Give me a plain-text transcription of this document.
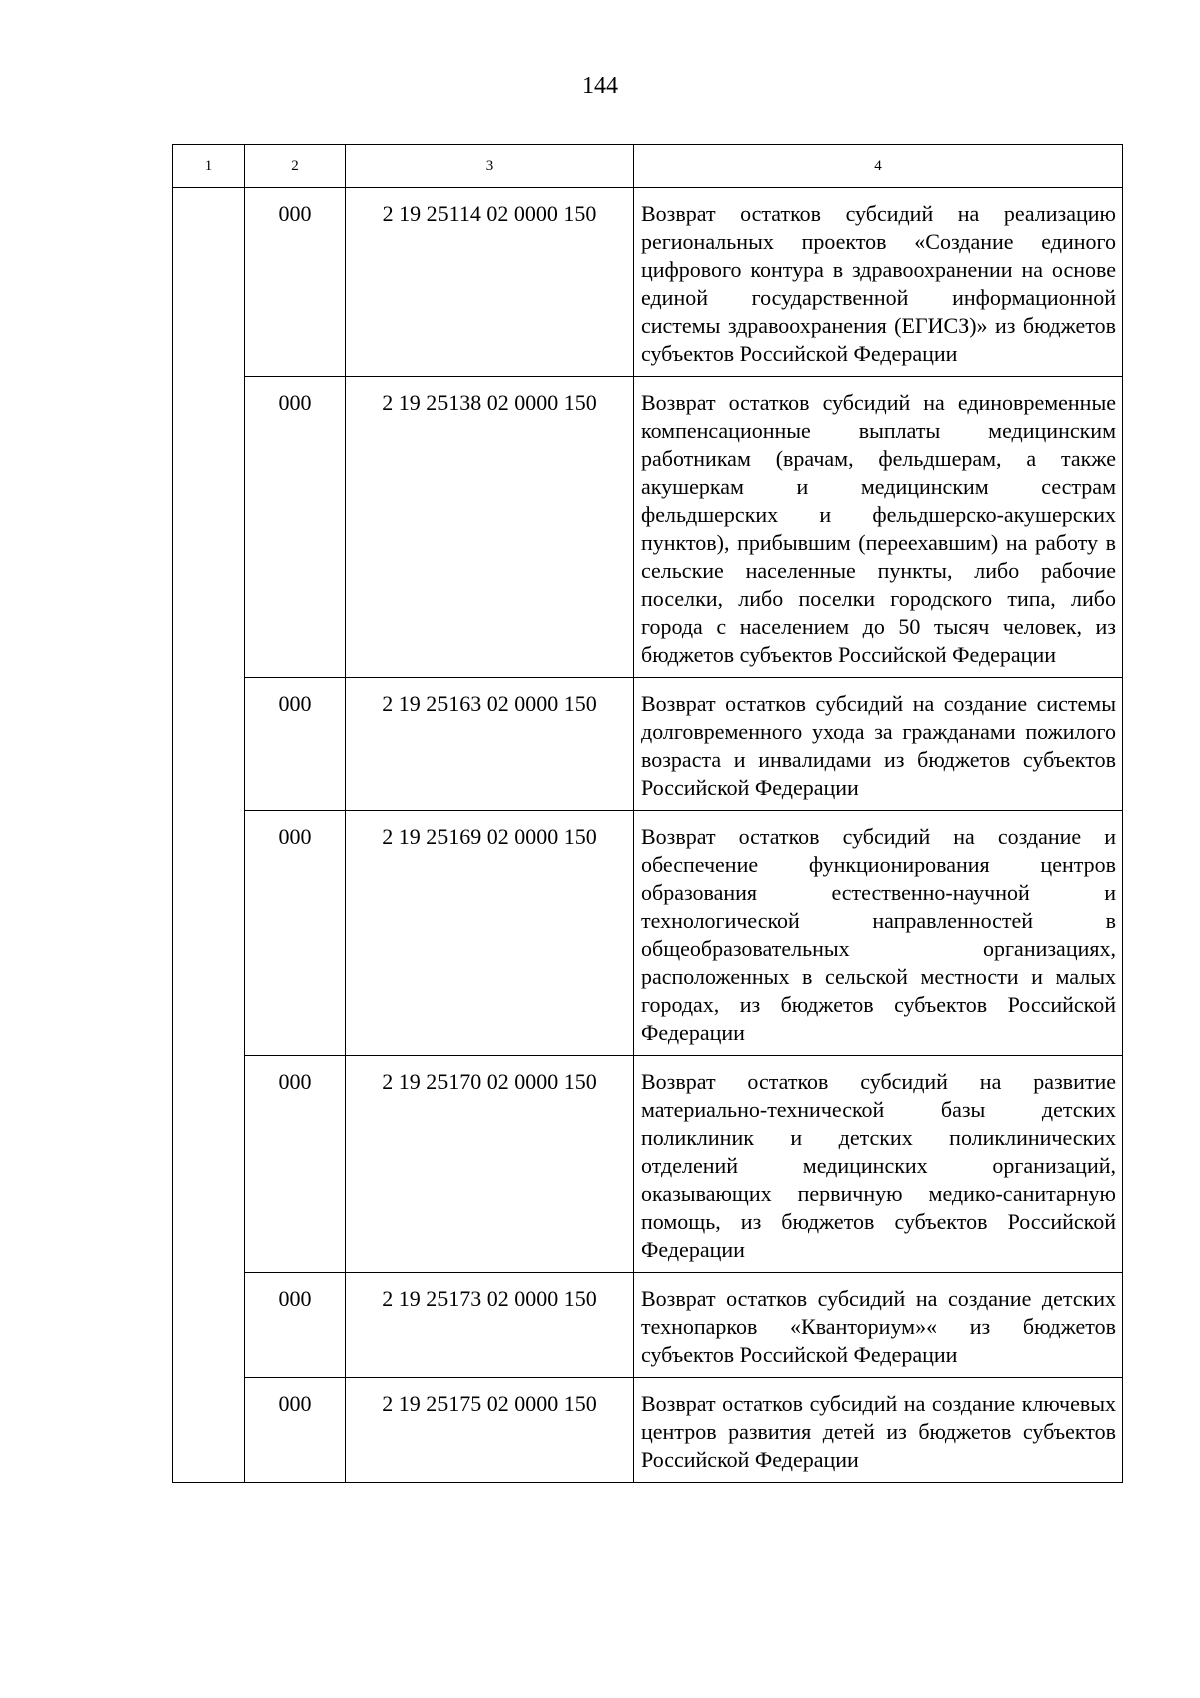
144
1	2	3	4
	000	2 19 25114 02 0000 150	Возврат остатков субсидий на реализацию региональных проектов «Создание единого цифрового контура в здравоохранении на основе единой государственной информационной системы здравоохранения (ЕГИСЗ)» из бюджетов субъектов Российской Федерации
	000	2 19 25138 02 0000 150	Возврат остатков субсидий на единовременные компенсационные выплаты медицинским работникам (врачам, фельдшерам, а также акушеркам и медицинским сестрам фельдшерских и фельдшерско-акушерских пунктов), прибывшим (переехавшим) на работу в сельские населенные пункты, либо рабочие поселки, либо поселки городского типа, либо города с населением до 50 тысяч человек, из бюджетов субъектов Российской Федерации
	000	2 19 25163 02 0000 150	Возврат остатков субсидий на создание системы долговременного ухода за гражданами пожилого возраста и инвалидами из бюджетов субъектов Российской Федерации
	000	2 19 25169 02 0000 150	Возврат остатков субсидий на создание и обеспечение функционирования центров образования естественно-научной и технологической направленностей в общеобразовательных организациях, расположенных в сельской местности и малых городах, из бюджетов субъектов Российской Федерации
	000	2 19 25170 02 0000 150	Возврат остатков субсидий на развитие материально-технической базы детских поликлиник и детских поликлинических отделений медицинских организаций, оказывающих первичную медико-санитарную помощь, из бюджетов субъектов Российской Федерации
	000	2 19 25173 02 0000 150	Возврат остатков субсидий на создание детских технопарков «Кванториум»« из бюджетов субъектов Российской Федерации
	000	2 19 25175 02 0000 150	Возврат остатков субсидий на создание ключевых центров развития детей из бюджетов субъектов Российской Федерации
